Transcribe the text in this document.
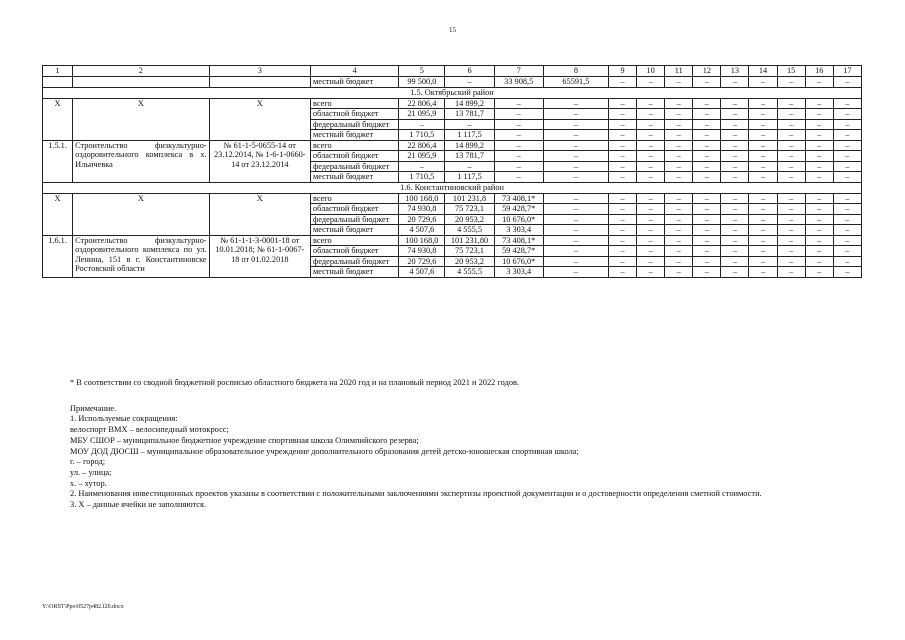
15
1	2	3	4	5	6	7	8	9	10	11	12	13	14	15	16	17
			местный бюджет	99 500,0	–	33 908,5	65591,5	–	–	–	–	–	–	–	–	–
1.5. Октябрьский район																
Х	Х	Х	всего	22 806,4	14 899,2	–	–	–	–	–	–	–	–	–	–	–
			областной бюджет	21 095,9	13 781,7	–	–	–	–	–	–	–	–	–	–	–
			федеральный бюджет	–	–	–	–	–	–	–	–	–	–	–	–	–
			местный бюджет	1 710,5	1 117,5	–	–	–	–	–	–	–	–	–	–	–
1.5.1.	Строительство физкультурно-оздоровительного комплекса в х. Ильичевка	№ 61-1-5-0655-14 от 23.12.2014, № 1-6-1-0660-14 от 23.12.2014	всего	22 806,4	14 899,2	–	–	–	–	–	–	–	–	–	–	–
			областной бюджет	21 095,9	13 781,7	–	–	–	–	–	–	–	–	–	–	–
			федеральный бюджет	–	–	–	–	–	–	–	–	–	–	–	–	–
			местный бюджет	1 710,5	1 117,5	–	–	–	–	–	–	–	–	–	–	–
1.6. Константиновский район																
Х	Х	Х	всего	100 168,0	101 231,8	73 408,1*	–	–	–	–	–	–	–	–	–	–
			областной бюджет	74 930,8	75 723,1	59 428,7*	–	–	–	–	–	–	–	–	–	–
			федеральный бюджет	20 729,6	20 953,2	10 676,0*	–	–	–	–	–	–	–	–	–	–
			местный бюджет	4 507,6	4 555,5	3 303,4	–	–	–	–	–	–	–	–	–	–
1.6.1.	Строительство физкультурно-оздоровительного комплекса по ул. Ленина, 151 в г. Константиновске Ростовской области	№ 61-1-1-3-0001-18 от 10.01.2018; № 61-1-0067-18 от 01.02.2018	всего	100 168,0	101 231,80	73 408,1*	–	–	–	–	–	–	–	–	–	–
			областной бюджет	74 930,8	75 723,1	59 428,7*	–	–	–	–	–	–	–	–	–	–
			федеральный бюджет	20 729,6	20 953,2	10 676,0*	–	–	–	–	–	–	–	–	–	–
			местный бюджет	4 507,6	4 555,5	3 303,4	–	–	–	–	–	–	–	–	–	–

* В соответствии со сводной бюджетной росписью областного бюджета на 2020 год и на плановый период 2021 и 2022 годов.

Примечание.

1. Используемые сокращения:

велоспорт ВМХ – велосипедный мотокросс;

МБУ СШОР – муниципальное бюджетное учреждение спортивная школа Олимпийского резерва;

МОУ ДОД ДЮСШ – муниципальное образовательное учреждение дополнительного образования детей детско-юношеская спортивная школа;

г. – город;

ул. – улица;

х. – хутор.

2. Наименования инвестиционных проектов указаны в соответствии с положительными заключениями экспертизы проектной документации и о достоверности определения сметной стоимости.

3. Х – данные ячейки не заполняются.

Y:\ORST\Ppo\0527p482.f20.docx
